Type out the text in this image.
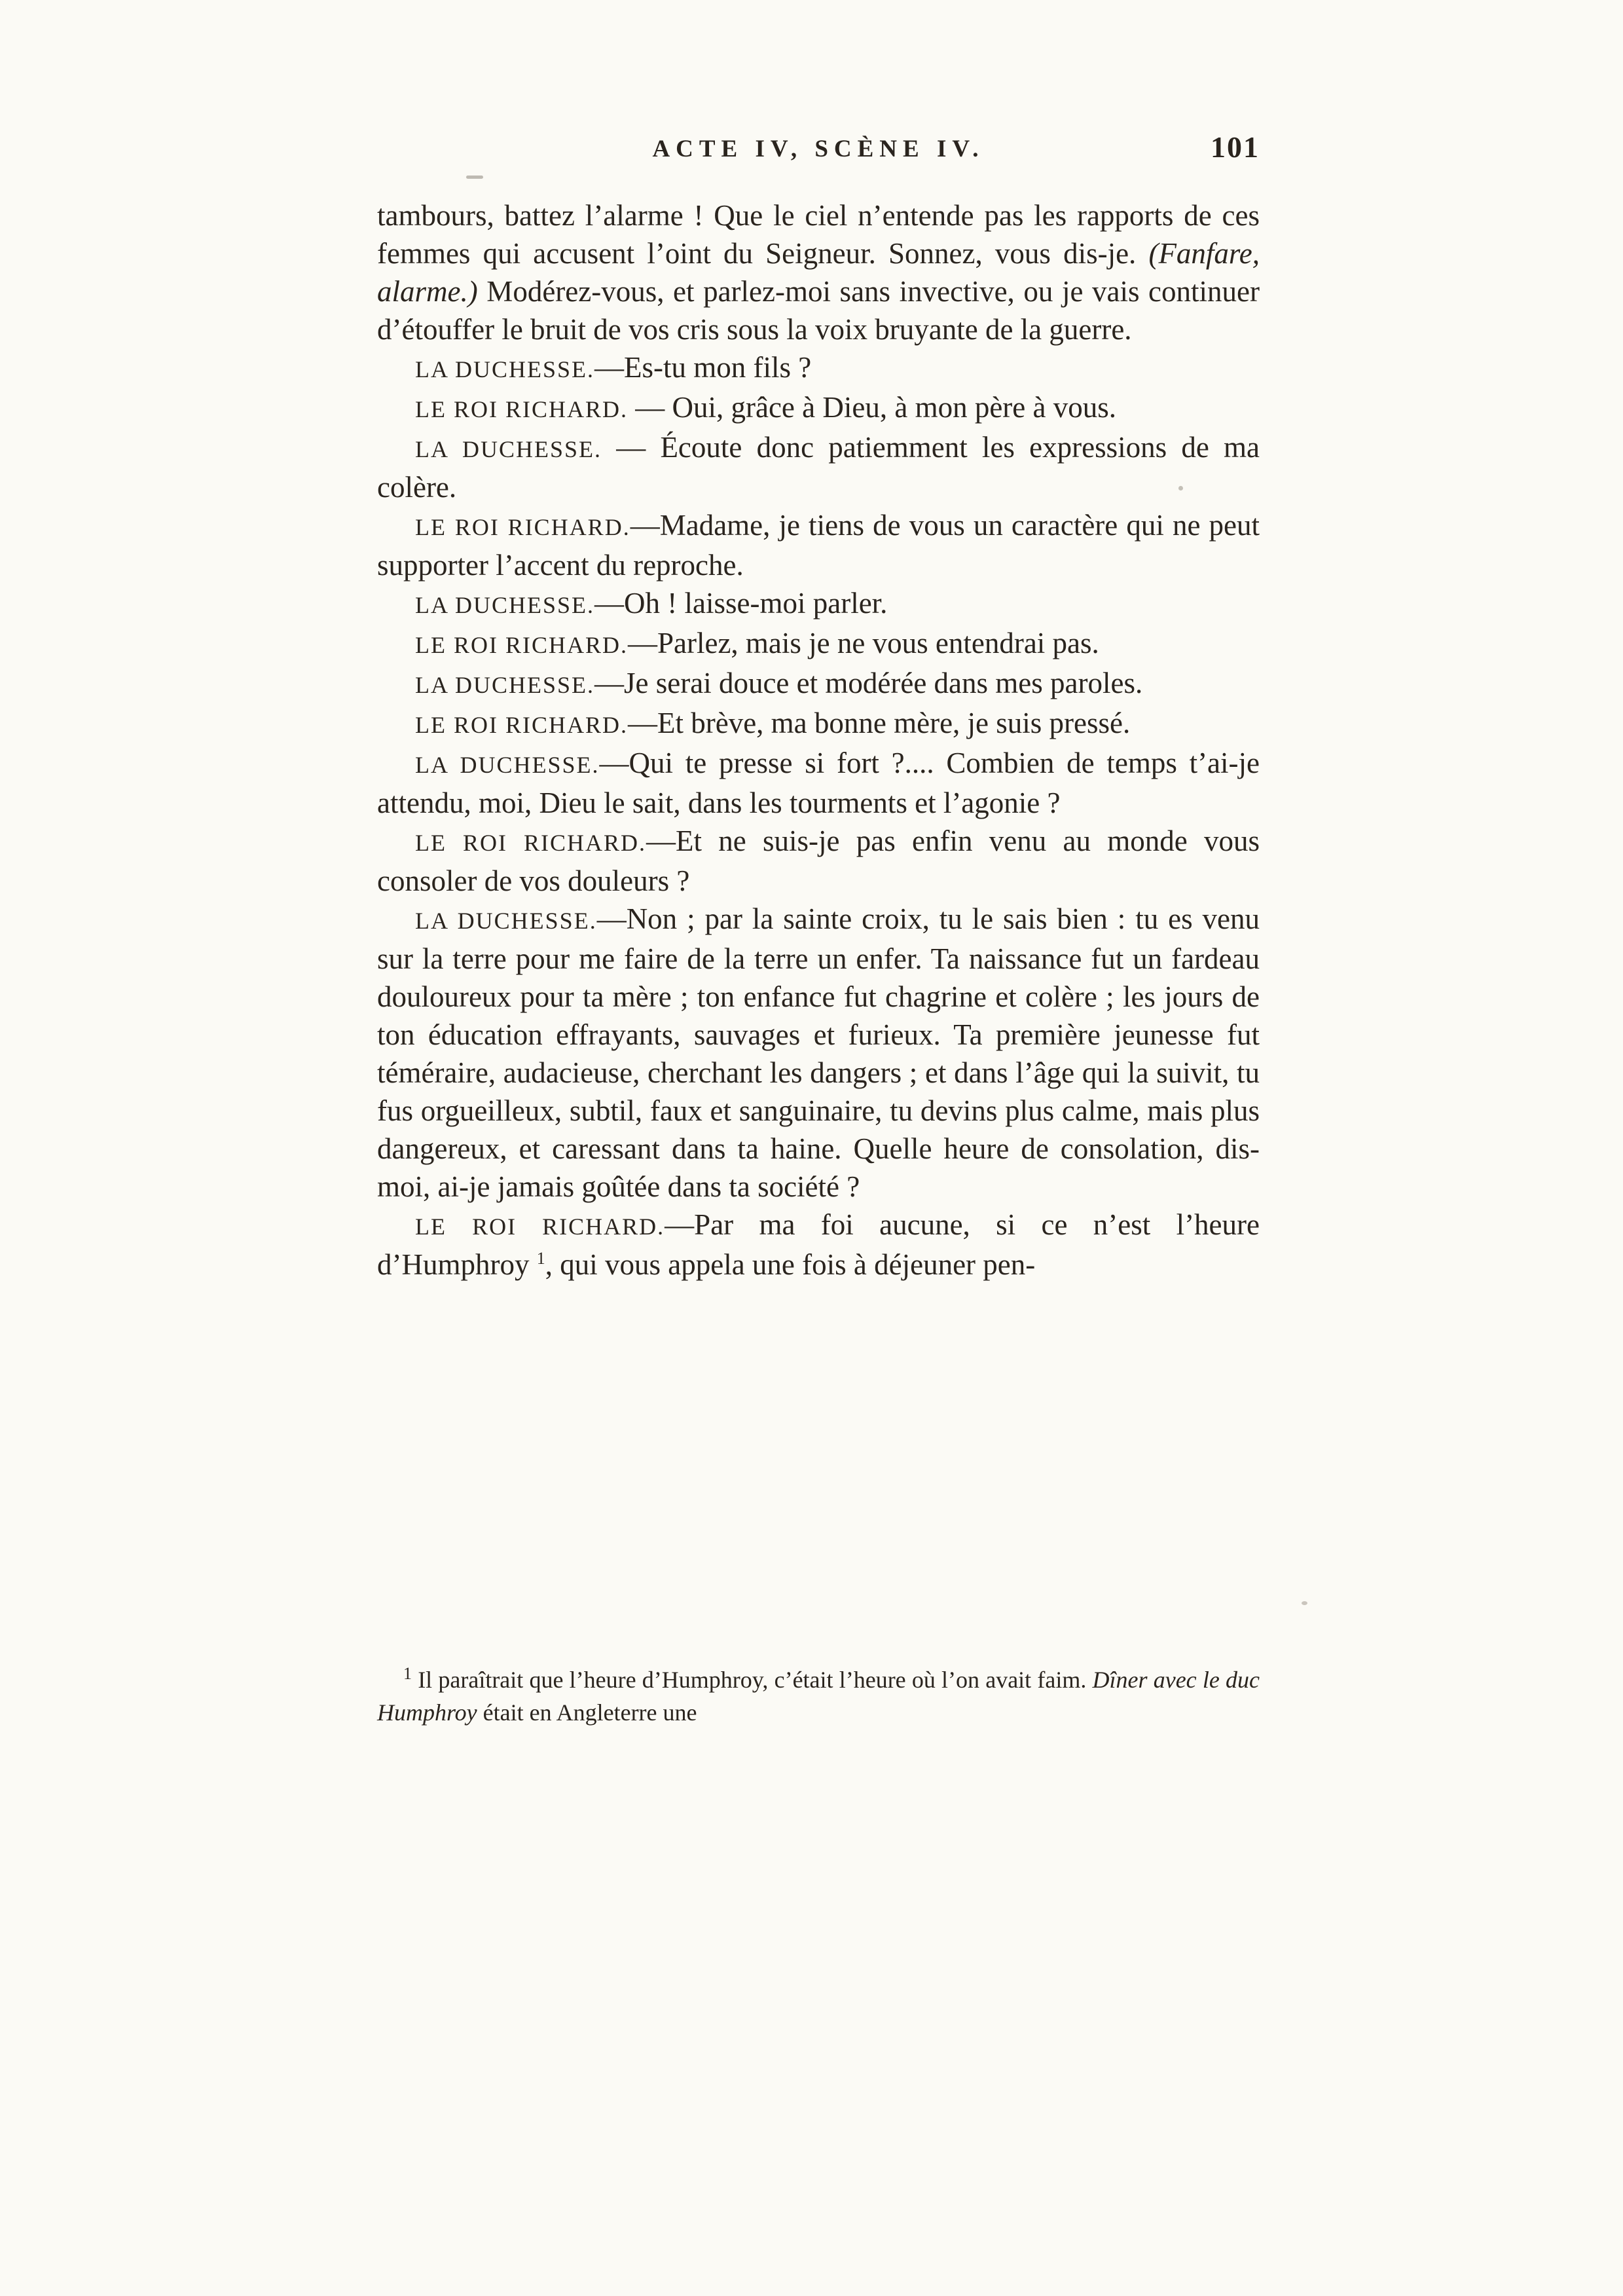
ACTE IV, SCÈNE IV.	101

tambours, battez l’alarme ! Que le ciel n’entende pas les rapports de ces femmes qui accusent l’oint du Seigneur. Sonnez, vous dis-je. (Fanfare, alarme.) Modérez-vous, et parlez-moi sans invective, ou je vais continuer d’étouffer le bruit de vos cris sous la voix bruyante de la guerre.

LA DUCHESSE.—Es-tu mon fils ?

LE ROI RICHARD. — Oui, grâce à Dieu, à mon père à vous.

LA DUCHESSE. — Écoute donc patiemment les expressions de ma colère.

LE ROI RICHARD.—Madame, je tiens de vous un caractère qui ne peut supporter l’accent du reproche.

LA DUCHESSE.—Oh ! laisse-moi parler.

LE ROI RICHARD.—Parlez, mais je ne vous entendrai pas.

LA DUCHESSE.—Je serai douce et modérée dans mes paroles.

LE ROI RICHARD.—Et brève, ma bonne mère, je suis pressé.

LA DUCHESSE.—Qui te presse si fort ?.... Combien de temps t’ai-je attendu, moi, Dieu le sait, dans les tourments et l’agonie ?

LE ROI RICHARD.—Et ne suis-je pas enfin venu au monde vous consoler de vos douleurs ?

LA DUCHESSE.—Non ; par la sainte croix, tu le sais bien : tu es venu sur la terre pour me faire de la terre un enfer. Ta naissance fut un fardeau douloureux pour ta mère ; ton enfance fut chagrine et colère ; les jours de ton éducation effrayants, sauvages et furieux. Ta première jeunesse fut téméraire, audacieuse, cherchant les dangers ; et dans l’âge qui la suivit, tu fus orgueilleux, subtil, faux et sanguinaire, tu devins plus calme, mais plus dangereux, et caressant dans ta haine. Quelle heure de consolation, dis-moi, ai-je jamais goûtée dans ta société ?

LE ROI RICHARD.—Par ma foi aucune, si ce n’est l’heure d’Humphroy $^1$, qui vous appela une fois à déjeuner pen-

$^1$ Il paraîtrait que l’heure d’Humphroy, c’était l’heure où l’on avait faim. Dîner avec le duc Humphroy était en Angleterre une
